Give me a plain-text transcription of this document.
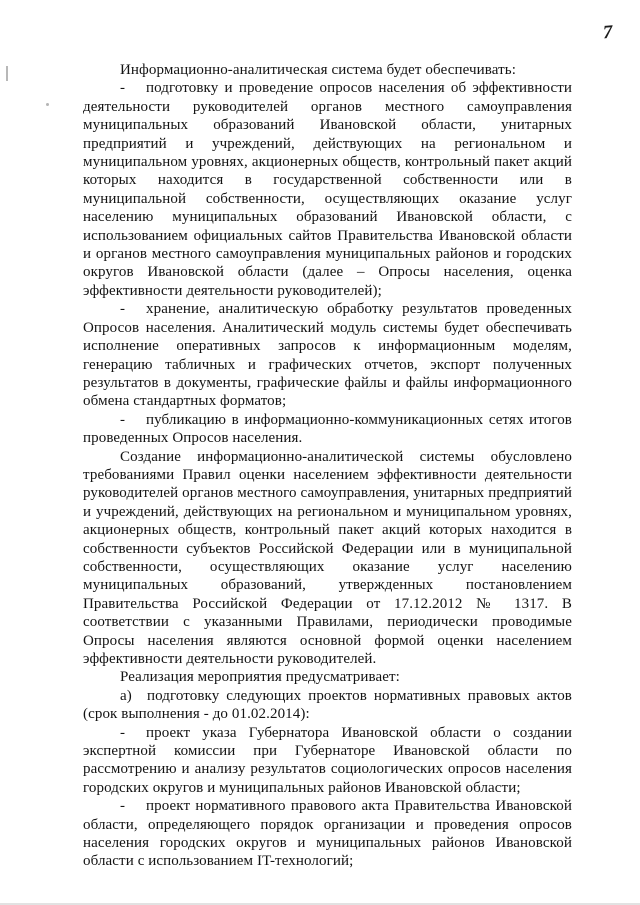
7

Информационно-аналитическая система будет обеспечивать:

- подготовку и проведение опросов населения об эффективности деятельности руководителей органов местного самоуправления муниципальных образований Ивановской области, унитарных предприятий и учреждений, действующих на региональном и муниципальном уровнях, акционерных обществ, контрольный пакет акций которых находится в государственной собственности или в муниципальной собственности, осуществляющих оказание услуг населению муниципальных образований Ивановской области, с использованием официальных сайтов Правительства Ивановской области и органов местного самоуправления муниципальных районов и городских округов Ивановской области (далее – Опросы населения, оценка эффективности деятельности руководителей);

- хранение, аналитическую обработку результатов проведенных Опросов населения. Аналитический модуль системы будет обеспечивать исполнение оперативных запросов к информационным моделям, генерацию табличных и графических отчетов, экспорт полученных результатов в документы, графические файлы и файлы информационного обмена стандартных форматов;

- публикацию в информационно-коммуникационных сетях итогов проведенных Опросов населения.

Создание информационно-аналитической системы обусловлено требованиями Правил оценки населением эффективности деятельности руководителей органов местного самоуправления, унитарных предприятий и учреждений, действующих на региональном и муниципальном уровнях, акционерных обществ, контрольный пакет акций которых находится в собственности субъектов Российской Федерации или в муниципальной собственности, осуществляющих оказание услуг населению муниципальных образований, утвержденных постановлением Правительства Российской Федерации от 17.12.2012 № 1317. В соответствии с указанными Правилами, периодически проводимые Опросы населения являются основной формой оценки населением эффективности деятельности руководителей.

Реализация мероприятия предусматривает:

а) подготовку следующих проектов нормативных правовых актов (срок выполнения - до 01.02.2014):

- проект указа Губернатора Ивановской области о создании экспертной комиссии при Губернаторе Ивановской области по рассмотрению и анализу результатов социологических опросов населения городских округов и муниципальных районов Ивановской области;

- проект нормативного правового акта Правительства Ивановской области, определяющего порядок организации и проведения опросов населения городских округов и муниципальных районов Ивановской области с использованием IT-технологий;
